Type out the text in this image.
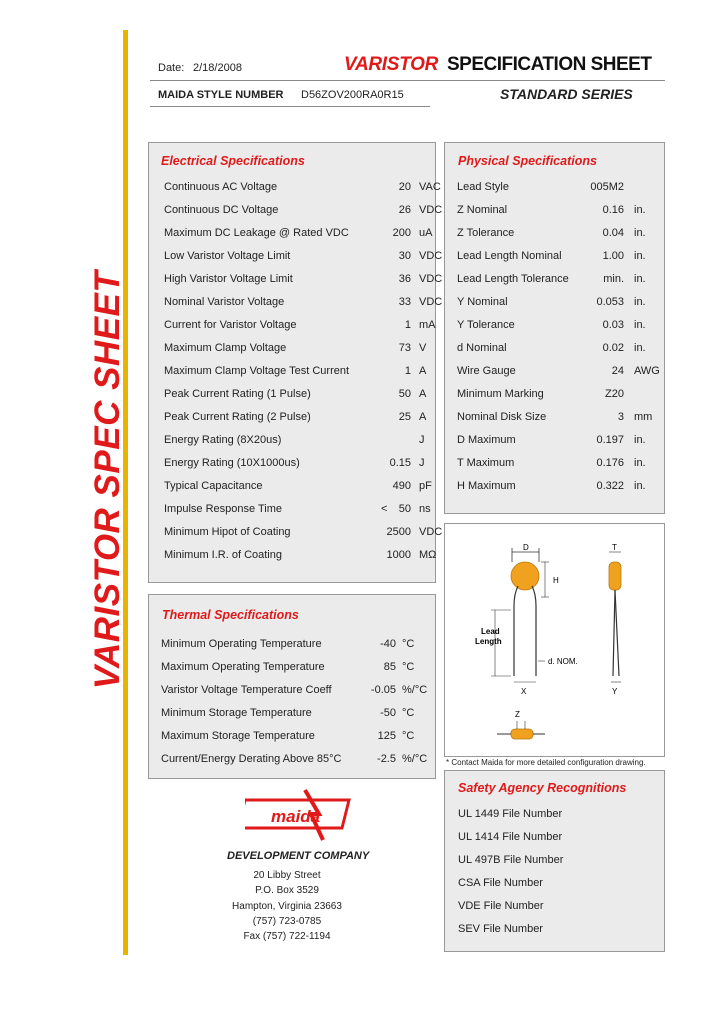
VARISTOR SPEC SHEET
Date: 2/18/2008	VARISTOR SPECIFICATION SHEET
MAIDA STYLE NUMBER D56ZOV200RA0R15	STANDARD SERIES
Electrical Specifications
Continuous AC Voltage	20 VAC
Continuous DC Voltage	26 VDC
Maximum DC Leakage @ Rated VDC	200 uA
Low Varistor Voltage Limit	30 VDC
High Varistor Voltage Limit	36 VDC
Nominal Varistor Voltage	33 VDC
Current for Varistor Voltage	1 mA
Maximum Clamp Voltage	73 V
Maximum Clamp Voltage Test Current	1 A
Peak Current Rating (1 Pulse)	50 A
Peak Current Rating (2 Pulse)	25 A
Energy Rating (8X20us)	J
Energy Rating (10X1000us)	0.15 J
Typical Capacitance	490 pF
Impulse Response Time	< 50 ns
Minimum Hipot of Coating	2500 VDC
Minimum I.R. of Coating	1000 MΩ
Physical Specifications
Lead Style	005M2
Z Nominal	0.16 in.
Z Tolerance	0.04 in.
Lead Length Nominal	1.00 in.
Lead Length Tolerance	min. in.
Y Nominal	0.053 in.
Y Tolerance	0.03 in.
d Nominal	0.02 in.
Wire Gauge	24 AWG
Minimum Marking	Z20
Nominal Disk Size	3 mm
D Maximum	0.197 in.
T Maximum	0.176 in.
H Maximum	0.322 in.
Thermal Specifications
Minimum Operating Temperature	-40 °C
Maximum Operating Temperature	85 °C
Varistor Voltage Temperature Coeff	-0.05 %/°C
Minimum Storage Temperature	-50 °C
Maximum Storage Temperature	125 °C
Current/Energy Derating Above 85°C	-2.5 %/°C
D
H
Lead
Length
d. NOM.
X
T
Y
Z
* Contact Maida for more detailed configuration drawing.
Safety Agency Recognitions
UL 1449 File Number
UL 1414 File Number
UL 497B File Number
CSA File Number
VDE File Number
SEV File Number
maida
DEVELOPMENT COMPANY
20 Libby Street
P.O. Box 3529
Hampton, Virginia 23663
(757) 723-0785
Fax (757) 722-1194
